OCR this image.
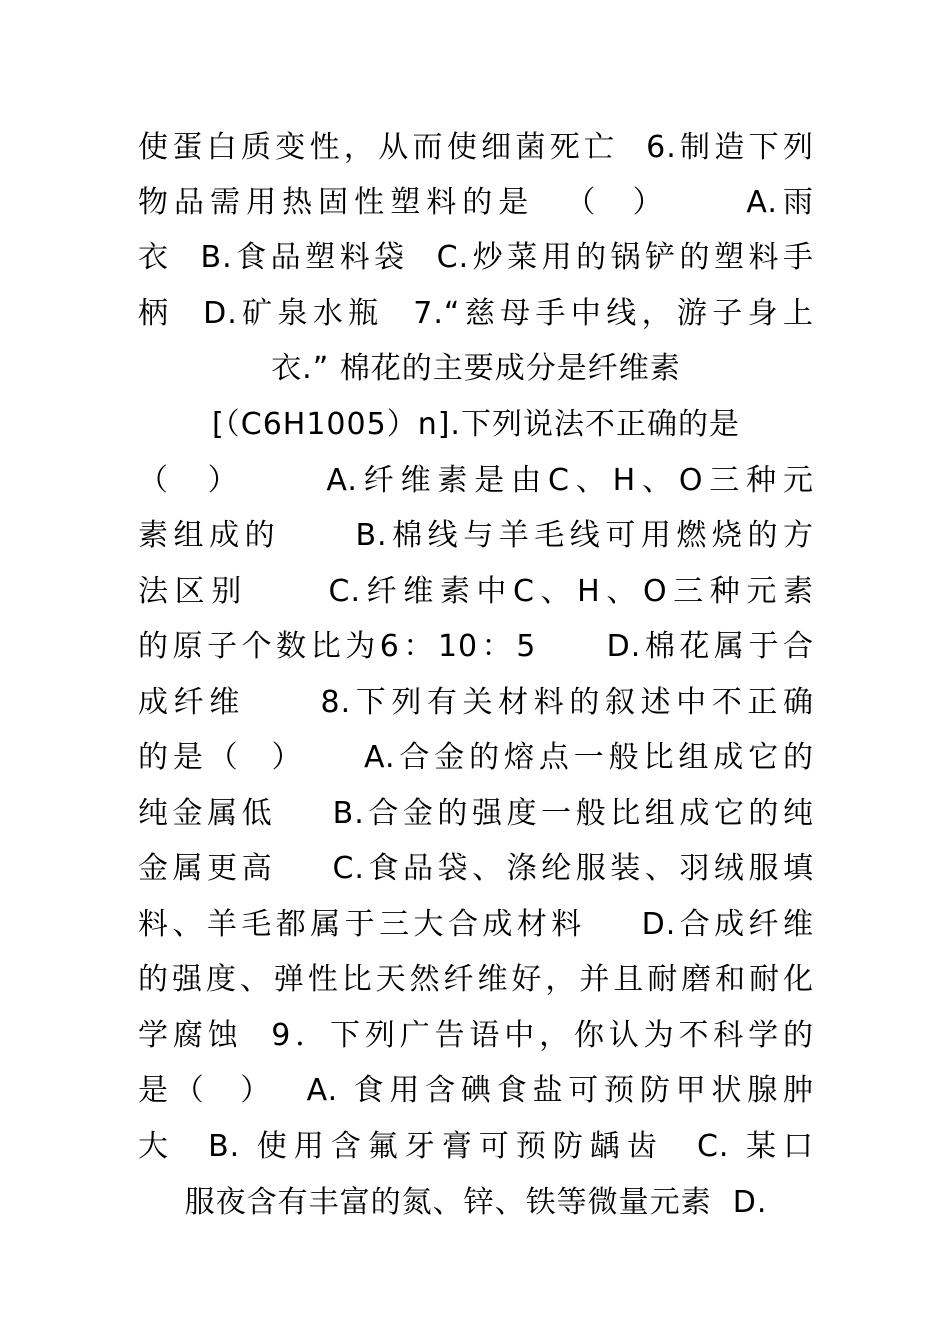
使蛋白质变性，从而使细菌死亡  6.制造下列
物品需用热固性塑料的是  （  ）     A.雨
衣  B.食品塑料袋  C.炒菜用的锅铲的塑料手
柄  D.矿泉水瓶  7.“慈母手中线，游子身上
衣.” 棉花的主要成分是纤维素
[（C6H1005）n].下列说法不正确的是
（  ）     A.纤维素是由C、H、O三种元
素组成的     B.棉线与羊毛线可用燃烧的方
法区别     C.纤维素中C、H、O三种元素
的原子个数比为6：10：5     D.棉花属于合
成纤维     8.下列有关材料的叙述中不正确
的是（  ）    A.合金的熔点一般比组成它的
纯金属低    B.合金的强度一般比组成它的纯
金属更高    C.食品袋、涤纶服装、羽绒服填
料、羊毛都属于三大合成材料    D.合成纤维
的强度、弹性比天然纤维好，并且耐磨和耐化
学腐蚀  9．下列广告语中，你认为不科学的
是（  ）  A. 食用含碘食盐可预防甲状腺肿
大  B. 使用含氟牙膏可预防龋齿  C. 某口
服夜含有丰富的氮、锌、铁等微量元素  D.
